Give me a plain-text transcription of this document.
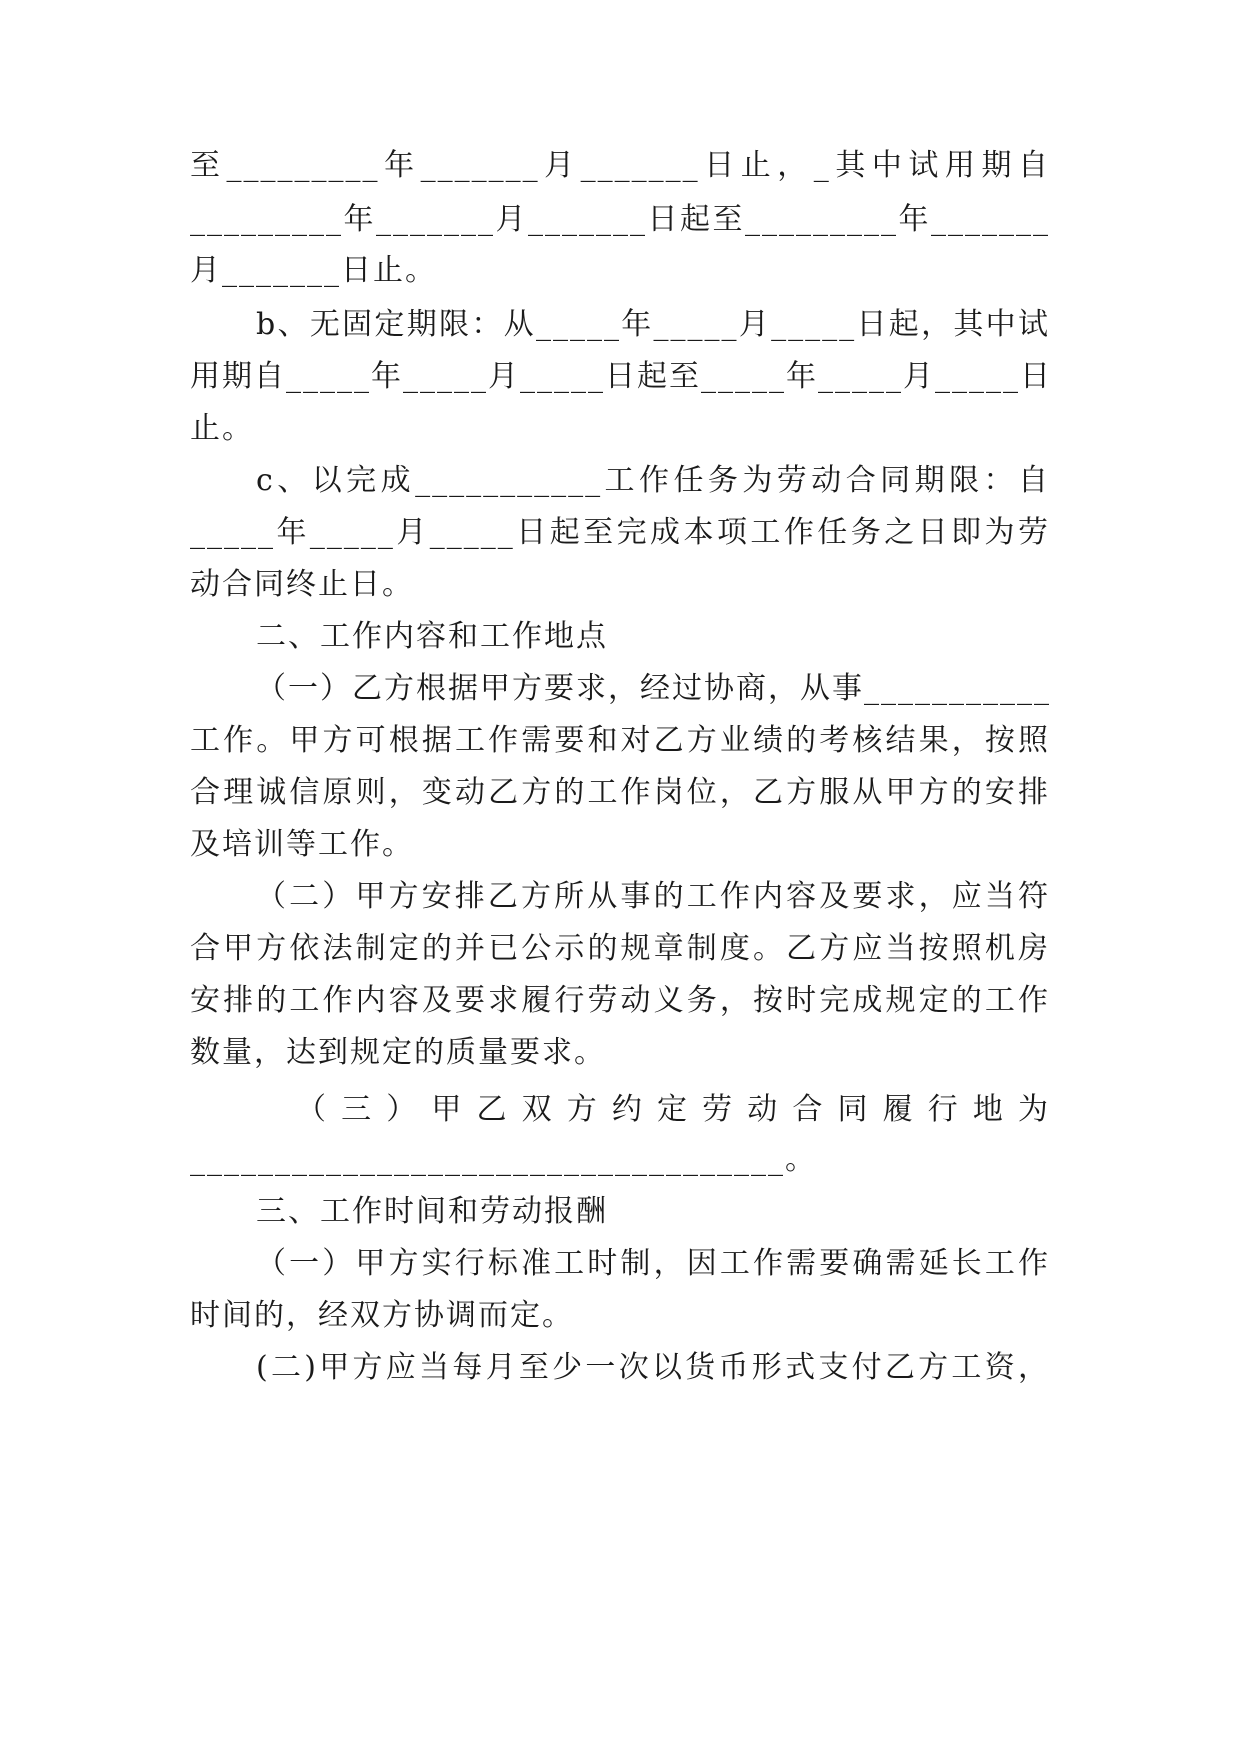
至_________年_______月_______日止，_其中试用期自
_________年_______月_______日起至_________年_______
月_______日止。
b、无固定期限：从_____年_____月_____日起，其中试
用期自_____年_____月_____日起至_____年_____月_____日
止。
c、以完成___________工作任务为劳动合同期限：自
_____年_____月_____日起至完成本项工作任务之日即为劳
动合同终止日。
二、工作内容和工作地点
（一）乙方根据甲方要求，经过协商，从事___________
工作。甲方可根据工作需要和对乙方业绩的考核结果，按照
合理诚信原则，变动乙方的工作岗位，乙方服从甲方的安排
及培训等工作。
（二）甲方安排乙方所从事的工作内容及要求，应当符
合甲方依法制定的并已公示的规章制度。乙方应当按照机房
安排的工作内容及要求履行劳动义务，按时完成规定的工作
数量，达到规定的质量要求。
（三）甲乙双方约定劳动合同履行地为
___________________________________。
三、工作时间和劳动报酬
（一）甲方实行标准工时制，因工作需要确需延长工作
时间的，经双方协调而定。
(二)甲方应当每月至少一次以货币形式支付乙方工资，
